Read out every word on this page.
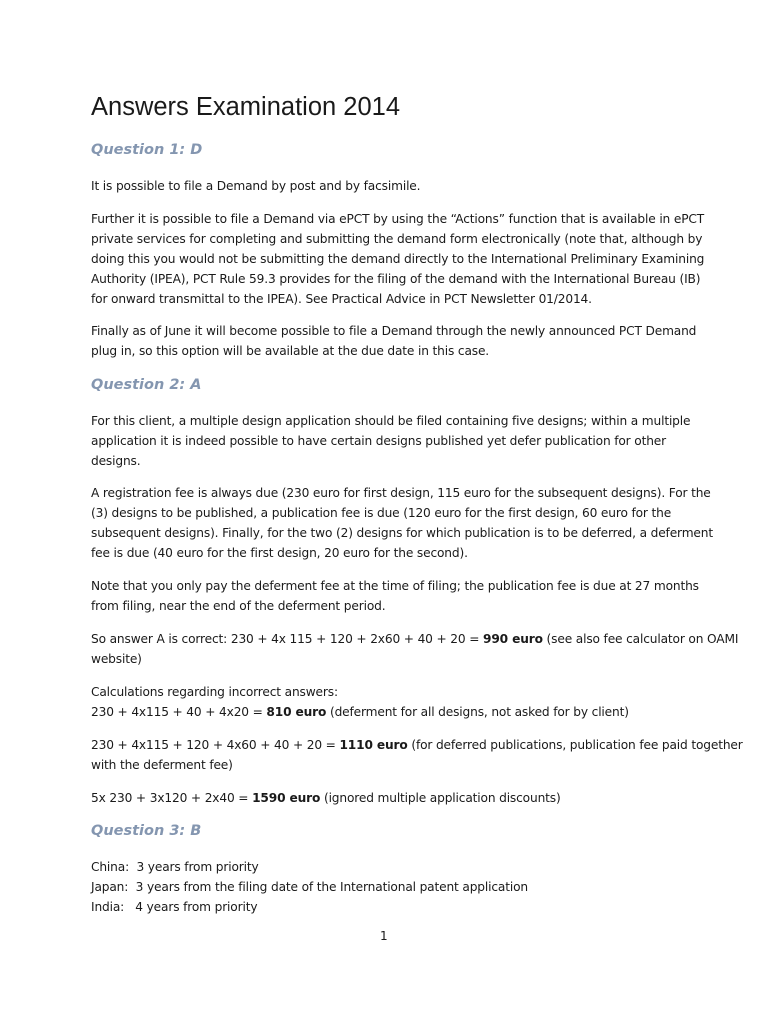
Answers Examination 2014
Question 1: D

It is possible to file a Demand by post and by facsimile.

Further it is possible to file a Demand via ePCT by using the “Actions” function that is available in ePCT
private services for completing and submitting the demand form electronically (note that, although by
doing this you would not be submitting the demand directly to the International Preliminary Examining
Authority (IPEA), PCT Rule 59.3 provides for the filing of the demand with the International Bureau (IB)
for onward transmittal to the IPEA). See Practical Advice in PCT Newsletter 01/2014.

Finally as of June it will become possible to file a Demand through the newly announced PCT Demand
plug in, so this option will be available at the due date in this case.

Question 2: A

For this client, a multiple design application should be filed containing five designs; within a multiple
application it is indeed possible to have certain designs published yet defer publication for other
designs.

A registration fee is always due (230 euro for first design, 115 euro for the subsequent designs). For the
(3) designs to be published, a publication fee is due (120 euro for the first design, 60 euro for the
subsequent designs). Finally, for the two (2) designs for which publication is to be deferred, a deferment
fee is due (40 euro for the first design, 20 euro for the second).

Note that you only pay the deferment fee at the time of filing; the publication fee is due at 27 months
from filing, near the end of the deferment period.

So answer A is correct: 230 + 4x 115 + 120 + 2x60 + 40 + 20 = 990 euro (see also fee calculator on OAMI
website)

Calculations regarding incorrect answers:
230 + 4x115 + 40 + 4x20 = 810 euro (deferment for all designs, not asked for by client)

230 + 4x115 + 120 + 4x60 + 40 + 20 = 1110 euro (for deferred publications, publication fee paid together
with the deferment fee)

5x 230 + 3x120 + 2x40 = 1590 euro (ignored multiple application discounts)

Question 3: B

China:  3 years from priority
Japan:  3 years from the filing date of the International patent application
India:   4 years from priority

1
